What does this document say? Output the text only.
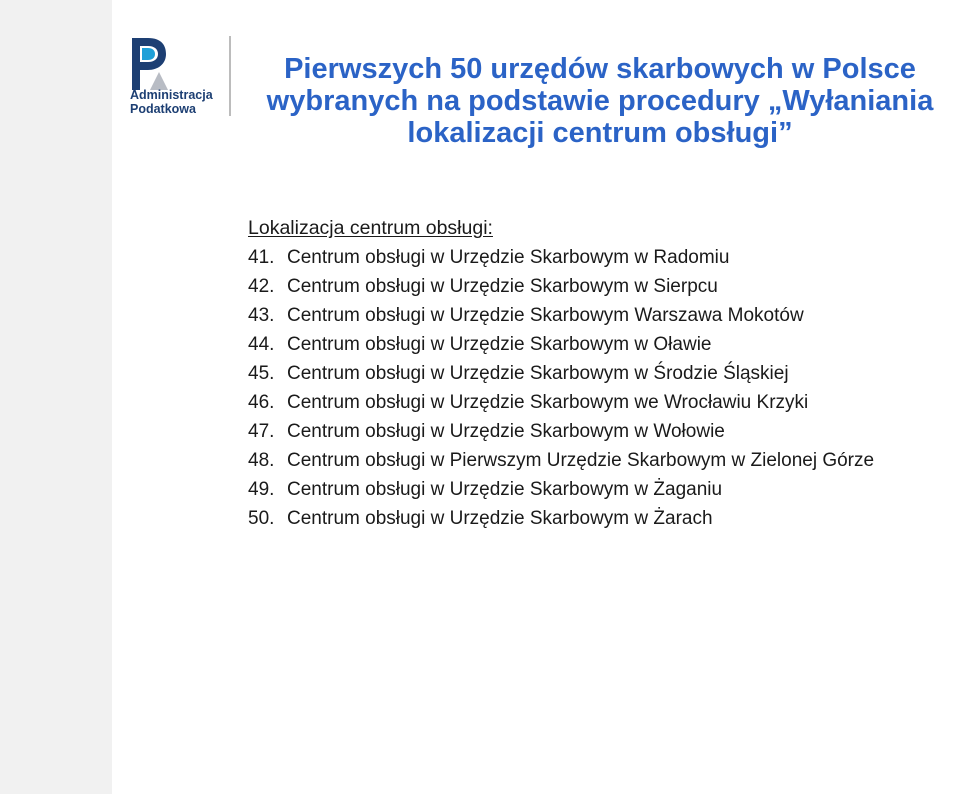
Administracja
Podatkowa
Pierwszych 50 urzędów skarbowych w Polsce
wybranych na podstawie procedury „Wyłaniania
lokalizacji centrum obsługi”
Lokalizacja centrum obsługi:
41. Centrum obsługi w Urzędzie Skarbowym w Radomiu
42. Centrum obsługi w Urzędzie Skarbowym w Sierpcu
43. Centrum obsługi w Urzędzie Skarbowym Warszawa Mokotów
44. Centrum obsługi w Urzędzie Skarbowym w Oławie
45. Centrum obsługi w Urzędzie Skarbowym w Środzie Śląskiej
46. Centrum obsługi w Urzędzie Skarbowym we Wrocławiu Krzyki
47. Centrum obsługi w Urzędzie Skarbowym w Wołowie
48. Centrum obsługi w Pierwszym Urzędzie Skarbowym w Zielonej Górze
49. Centrum obsługi w Urzędzie Skarbowym w Żaganiu
50. Centrum obsługi w Urzędzie Skarbowym w Żarach
